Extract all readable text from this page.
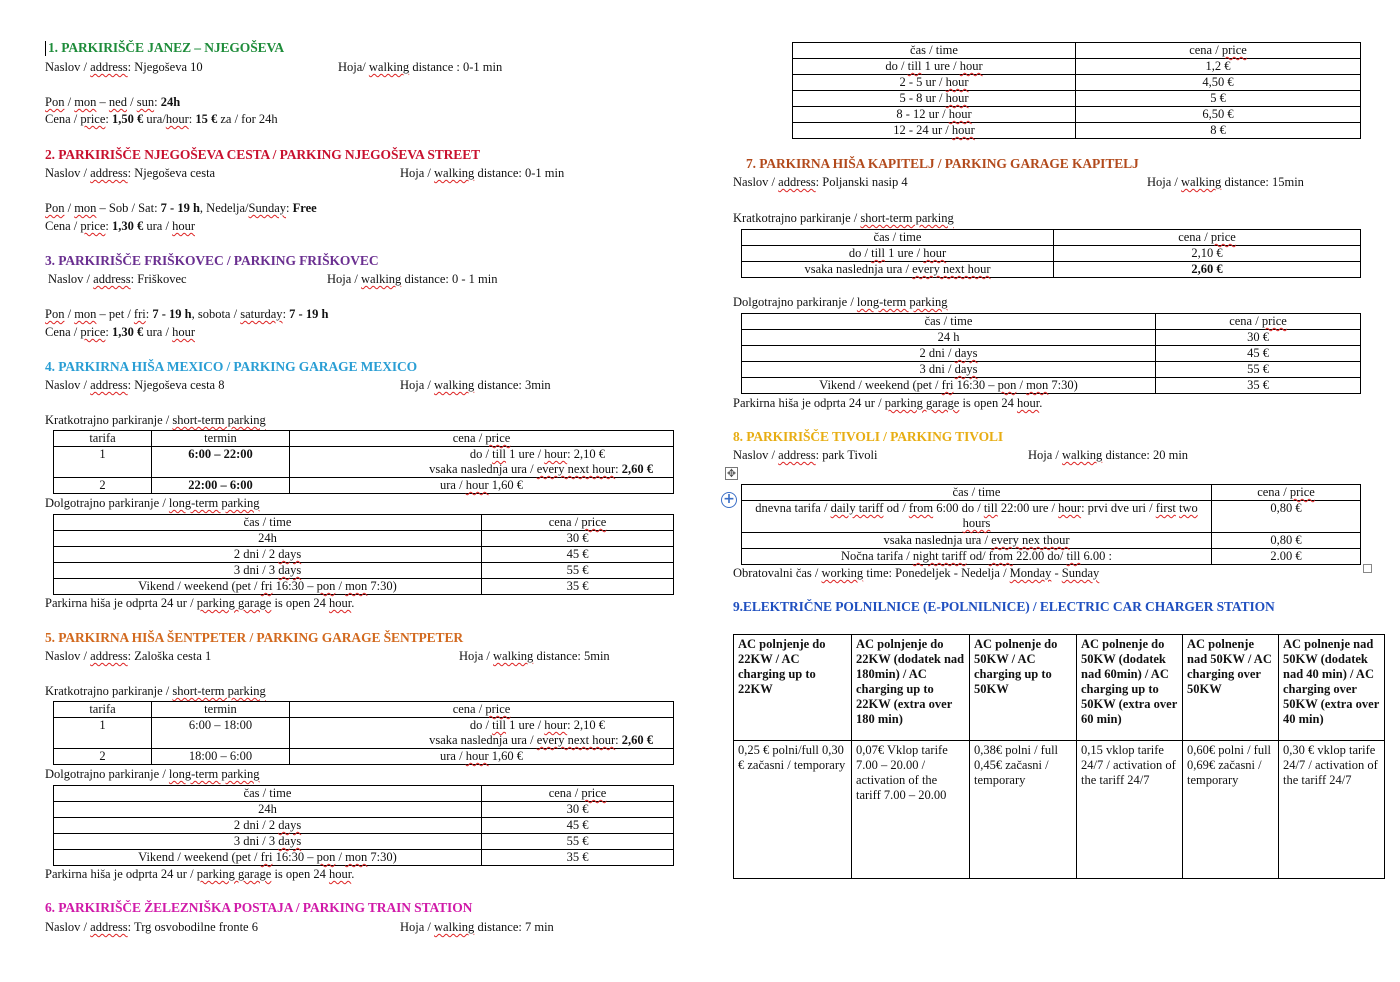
1. PARKIRIŠČE JANEZ – NJEGOŠEVA
Naslov / address: Njegoševa 10	Hoja/ walking distance : 0-1 min
Pon / mon – ned / sun: 24h
Cena / price: 1,50 € ura/hour: 15 € za / for 24h
2. PARKIRIŠČE NJEGOŠEVA CESTA / PARKING NJEGOŠEVA STREET
Naslov / address: Njegoševa cesta	Hoja / walking distance: 0-1 min
Pon / mon – Sob / Sat: 7 - 19 h, Nedelja/Sunday: Free
Cena / price: 1,30 € ura / hour
3. PARKIRIŠČE FRIŠKOVEC / PARKING FRIŠKOVEC
Naslov / address: Friškovec	Hoja / walking distance: 0 - 1 min
Pon / mon – pet / fri: 7 - 19 h, sobota / saturday: 7 - 19 h
Cena / price: 1,30 € ura / hour
4. PARKIRNA HIŠA MEXICO / PARKING GARAGE MEXICO
Naslov / address: Njegoševa cesta 8	Hoja / walking distance: 3min
Kratkotrajno parkiranje / short-term parking
tarifa	termin	cena / price
1	6:00 – 22:00	do / till 1 ure / hour: 2,10 €
vsaka naslednja ura / every next hour: 2,60 €

2	22:00 – 6:00	ura / hour 1,60 €
Dolgotrajno parkiranje / long-term parking
čas / time	cena / price
24h	30 €
2 dni / 2 days	45 €
3 dni / 3 days	55 €
Vikend / weekend (pet / fri 16:30 – pon / mon 7:30)	35 €
Parkirna hiša je odprta 24 ur / parking garage is open 24 hour.
5. PARKIRNA HIŠA ŠENTPETER / PARKING GARAGE ŠENTPETER
Naslov / address: Zaloška cesta 1	Hoja / walking distance: 5min
Kratkotrajno parkiranje / short-term parking
tarifa	termin	cena / price
1	6:00 – 18:00	do / till 1 ure / hour: 2,10 €
vsaka naslednja ura / every next hour: 2,60 €

2	18:00 – 6:00	ura / hour 1,60 €
Dolgotrajno parkiranje / long-term parking
čas / time	cena / price
24h	30 €
2 dni / 2 days	45 €
3 dni / 3 days	55 €
Vikend / weekend (pet / fri 16:30 – pon / mon 7:30)	35 €
Parkirna hiša je odprta 24 ur / parking garage is open 24 hour.
6. PARKIRIŠČE ŽELEZNIŠKA POSTAJA / PARKING TRAIN STATION
Naslov / address: Trg osvobodilne fronte 6	Hoja / walking distance: 7 min
čas / time	cena / price
do / till 1 ure / hour	1,2 €
2 - 5 ur / hour	4,50 €
5 - 8 ur / hour	5 €
8 - 12 ur / hour	6,50 €
12 - 24 ur / hour	8 €
7. PARKIRNA HIŠA KAPITELJ / PARKING GARAGE KAPITELJ
Naslov / address: Poljanski nasip 4	Hoja / walking distance: 15min
Kratkotrajno parkiranje / short-term parking
čas / time	cena / price
do / till 1 ure / hour	2,10 €
vsaka naslednja ura / every next hour	2,60 €
Dolgotrajno parkiranje / long-term parking
čas / time	cena / price
24 h	30 €
2 dni / days	45 €
3 dni / days	55 €
Vikend / weekend (pet / fri 16:30 – pon / mon 7:30)	35 €
Parkirna hiša je odprta 24 ur / parking garage is open 24 hour.
8. PARKIRIŠČE TIVOLI / PARKING TIVOLI
Naslov / address: park Tivoli	Hoja / walking distance: 20 min
✥
+	čas / time	cena / price
dnevna tarifa / daily tariff od / from 6:00 do / till 22:00 ure / hour: prvi dve uri / first two hours	0,80 €
vsaka naslednja ura / every nex thour	0,80 €
Nočna tarifa / night tariff od/ from 22.00 do/ till 6.00 :	2.00 €
Obratovalni čas / working time: Ponedeljek - Nedelja / Monday - Sunday
9.ELEKTRIČNE POLNILNICE (E-POLNILNICE) / ELECTRIC CAR CHARGER STATION
AC polnjenje do 22KW / AC charging up to 22KW	AC polnjenje do 22KW (dodatek nad 180min) / AC charging up to 22KW (extra over 180 min)	AC polnenje do 50KW / AC charging up to 50KW	AC polnenje do 50KW (dodatek nad 60min) / AC charging up to 50KW (extra over 60 min)	AC polnenje nad 50KW / AC charging over 50KW	AC polnenje nad 50KW (dodatek nad 40 min) / AC charging over 50KW (extra over 40 min)
0,25 € polni/full 0,30 € začasni / temporary	0,07€ Vklop tarife 7.00 – 20.00 / activation of the tariff 7.00 – 20.00	0,38€ polni / full 0,45€ začasni / temporary	0,15 vklop tarife 24/7 / activation of the tariff 24/7	0,60€ polni / full 0,69€ začasni / temporary	0,30 € vklop tarife 24/7 / activation of the tariff 24/7
